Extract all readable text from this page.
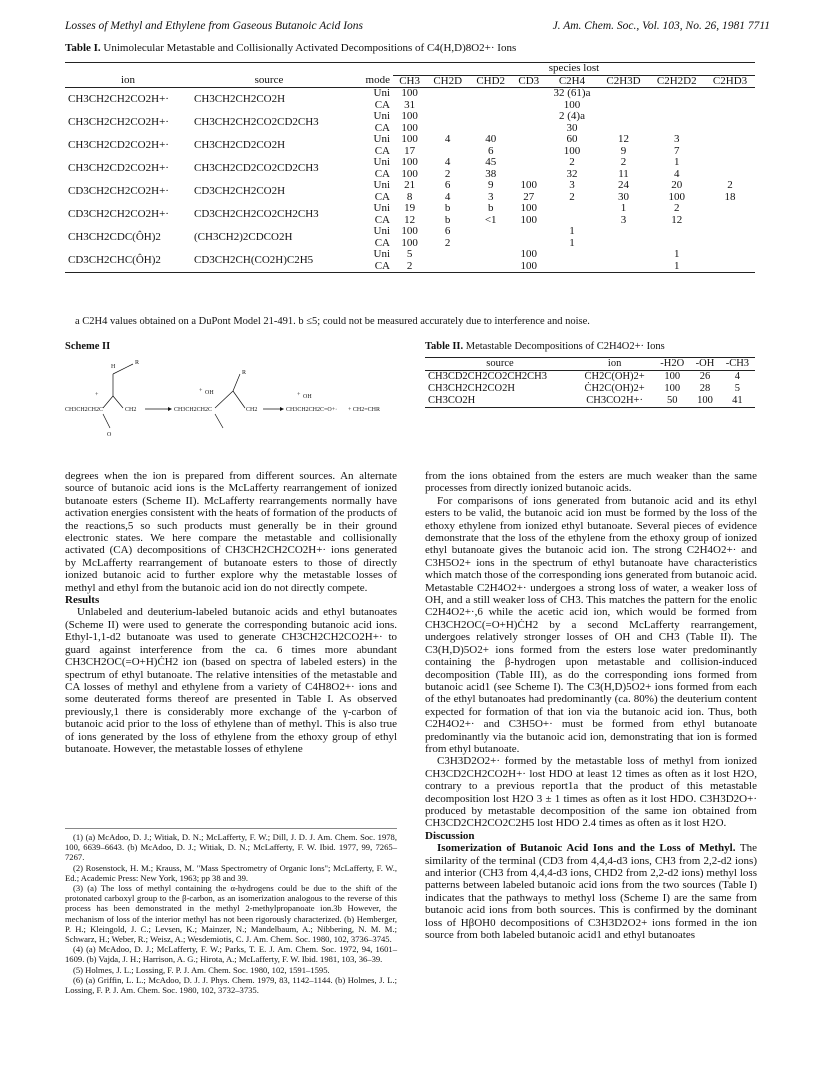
Losses of Methyl and Ethylene from Gaseous Butanoic Acid Ions	J. Am. Chem. Soc., Vol. 103, No. 26, 1981 7711
Table I. Unimolecular Metastable and Collisionally Activated Decompositions of C4(H,D)8O2+· Ions
			species lost							
ion	source	mode	CH3	CH2D	CHD2	CD3	C2H4	C2H3D	C2H2D2	C2HD3
CH3CH2CH2CO2H+·	CH3CH2CH2CO2H	Uni	100				32 (61)a			
		CA	31				100			
CH3CH2CH2CO2H+·	CH3CH2CH2CO2CD2CH3	Uni	100				2 (4)a			
		CA	100				30			
CH3CH2CD2CO2H+·	CH3CH2CD2CO2H	Uni	100	4	40		60	12	3	
		CA	17		6		100	9	7	
CH3CH2CD2CO2H+·	CH3CH2CD2CO2CD2CH3	Uni	100	4	45		2	2	1	
		CA	100	2	38		32	11	4	
CD3CH2CH2CO2H+·	CD3CH2CH2CO2H	Uni	21	6	9	100	3	24	20	2
		CA	8	4	3	27	2	30	100	18
CD3CH2CH2CO2H+·	CD3CH2CH2CO2CH2CH3	Uni	19	b	b	100		1	2	
		CA	12	b	<1	100		3	12	
CH3CH2CDC(ÔH)2	(CH3CH2)2CDCO2H	Uni	100	6			1			
		CA	100	2			1			
CD3CH2CHC(ÔH)2	CD3CH2CH(CO2H)C2H5	Uni	5			100			1	
		CA	2			100			1	
a C2H4 values obtained on a DuPont Model 21-491. b ≤5; could not be measured accurately due to interference and noise.
Scheme II
CH3CH2CH2C
H
R
+
CH2
O
CH3CH2CH2C
OH
+
R
CH2
OH
+
CH3CH2CH2C=O+· + CH2=CHR
Table II. Metastable Decompositions of C2H4O2+· Ions
source	ion	-H2O	-OH	-CH3
CH3CD2CH2CO2CH2CH3	ĊH2C(OH)2+	100	26	4
CH3CH2CH2CO2H	ĊH2C(OH)2+	100	28	5
CH3CO2H	CH3CO2H+·	50	100	41

degrees when the ion is prepared from different sources. An alternate source of butanoic acid ions is the McLafferty rearrangement of ionized butanoate esters (Scheme II). McLafferty rearrangements normally have activation energies consistent with the heats of formation of the products of the reactions,5 so such products must generally be in their ground electronic states. We here compare the metastable and collisionally activated (CA) decompositions of CH3CH2CH2CO2H+· ions generated by McLafferty rearrangement of butanoate esters to those of directly ionized butanoic acid to further explore why the metastable losses of methyl and ethyl from the butanoic acid ion do not directly compete.

Results

Unlabeled and deuterium-labeled butanoic acids and ethyl butanoates (Scheme II) were used to generate the corresponding butanoic acid ions. Ethyl-1,1-d2 butanoate was used to generate CH3CH2CH2CO2H+· to guard against interference from the ca. 6 times more abundant CH3CH2OC(=O+H)ĊH2 ion (based on spectra of labeled esters) in the spectrum of ethyl butanoate. The relative intensities of the metastable and CA losses of methyl and ethylene from a variety of C4H8O2+· ions and some deuterated forms thereof are presented in Table I. As observed previously,1 there is considerably more exchange of the γ-carbon of butanoic acid prior to the loss of ethylene than of methyl. This is also true of ions generated by the loss of ethylene from the ethoxy group of ethyl butanoate. However, the metastable losses of ethylene

(1) (a) McAdoo, D. J.; Witiak, D. N.; McLafferty, F. W.; Dill, J. D. J. Am. Chem. Soc. 1978, 100, 6639–6643. (b) McAdoo, D. J.; Witiak, D. N.; McLafferty, F. W. Ibid. 1977, 99, 7265–7267.

(2) Rosenstock, H. M.; Krauss, M. "Mass Spectrometry of Organic Ions"; McLafferty, F. W., Ed.; Academic Press: New York, 1963; pp 38 and 39.

(3) (a) The loss of methyl containing the α-hydrogens could be due to the shift of the protonated carboxyl group to the β-carbon, as an isomerization analogous to the reverse of this process has been demonstrated in the methyl 2-methylpropanoate ion.3b However, the mechanism of loss of the interior methyl has not been rigorously characterized. (b) Hemberger, P. H.; Kleingold, J. C.; Levsen, K.; Mainzer, N.; Mandelbaum, A.; Nibbering, N. M. M.; Schwarz, H.; Weber, R.; Weisz, A.; Wesdemiotis, C. J. Am. Chem. Soc. 1980, 102, 3736–3745.

(4) (a) McAdoo, D. J.; McLafferty, F. W.; Parks, T. E. J. Am. Chem. Soc. 1972, 94, 1601–1609. (b) Vajda, J. H.; Harrison, A. G.; Hirota, A.; McLafferty, F. W. Ibid. 1981, 103, 36–39.

(5) Holmes, J. L.; Lossing, F. P. J. Am. Chem. Soc. 1980, 102, 1591–1595.

(6) (a) Griffin, L. L.; McAdoo, D. J. J. Phys. Chem. 1979, 83, 1142–1144. (b) Holmes, J. L.; Lossing, F. P. J. Am. Chem. Soc. 1980, 102, 3732–3735.

from the ions obtained from the esters are much weaker than the same processes from directly ionized butanoic acids.

For comparisons of ions generated from butanoic acid and its ethyl esters to be valid, the butanoic acid ion must be formed by the loss of the ethoxy ethylene from ionized ethyl butanoate. Several pieces of evidence demonstrate that the loss of the ethylene from the ethoxy group of ionized ethyl butanoate gives the butanoic acid ion. The strong C2H4O2+· and C3H5O2+ ions in the spectrum of ethyl butanoate have characteristics which match those of the corresponding ions generated from butanoic acid. Metastable C2H4O2+· undergoes a strong loss of water, a weaker loss of OH, and a still weaker loss of CH3. This matches the pattern for the enolic C2H4O2+·,6 while the acetic acid ion, which would be formed from CH3CH2OC(=O+H)ĊH2 by a second McLafferty rearrangement, undergoes relatively stronger losses of OH and CH3 (Table II). The C3(H,D)5O2+ ions formed from the esters lose water predominantly containing the β-hydrogen upon metastable and collision-induced decomposition (Table III), as do the corresponding ions formed from butanoic acid1 (see Scheme I). The C3(H,D)5O2+ ions formed from each of the ethyl butanoates had predominantly (ca. 80%) the deuterium content expected for formation of that ion via the butanoic acid ion. Thus, both C2H4O2+· and C3H5O+· must be formed from ethyl butanoate predominantly via the butanoic acid ion, demonstrating that ion is formed from ethyl butanoate.

C3H3D2O2+· formed by the metastable loss of methyl from ionized CH3CD2CH2CO2H+· lost HDO at least 12 times as often as it lost H2O, contrary to a previous report1a that the product of this metastable decomposition lost H2O 3 ± 1 times as often as it lost HDO. C3H3D2O+· produced by metastable decomposition of the same ion obtained from CH3CD2CH2CO2C2H5 lost HDO 2.4 times as often as it lost H2O.

Discussion

Isomerization of Butanoic Acid Ions and the Loss of Methyl. The similarity of the terminal (CD3 from 4,4,4-d3 ions, CH3 from 2,2-d2 ions) and interior (CH3 from 4,4,4-d3 ions, CHD2 from 2,2-d2 ions) methyl loss patterns between labeled butanoic acid ions from the two sources (Table I) indicates that the pathways to methyl loss (Scheme I) are the same from butanoic acid ions from both sources. This is confirmed by the dominant loss of HβOH0 decompositions of C3H3D2O2+ ions formed in the ion source from both labeled butanoic acid1 and ethyl butanoates
